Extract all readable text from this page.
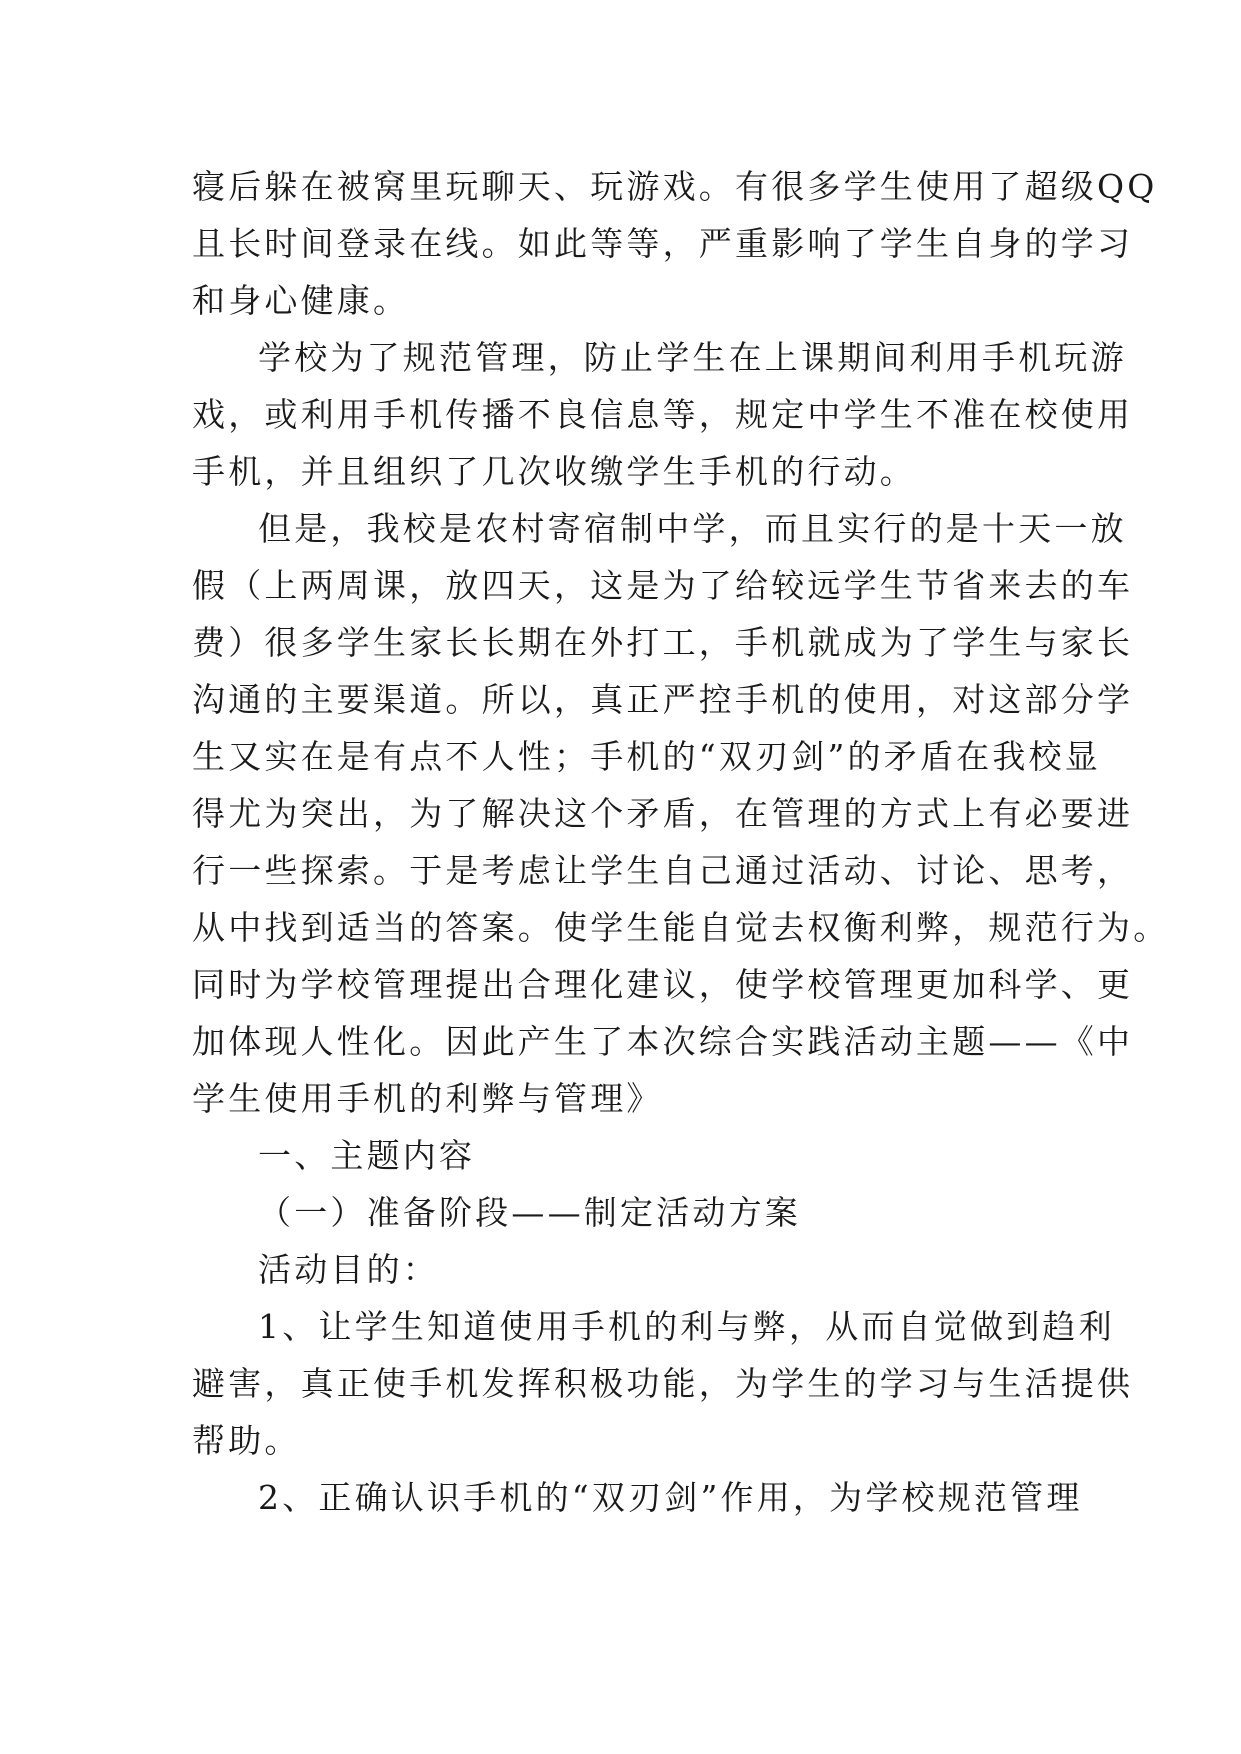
寝后躲在被窝里玩聊天、玩游戏。有很多学生使用了超级QQ
且长时间登录在线。如此等等，严重影响了学生自身的学习
和身心健康。
学校为了规范管理，防止学生在上课期间利用手机玩游
戏，或利用手机传播不良信息等，规定中学生不准在校使用
手机，并且组织了几次收缴学生手机的行动。
但是，我校是农村寄宿制中学，而且实行的是十天一放
假（上两周课，放四天，这是为了给较远学生节省来去的车
费）很多学生家长长期在外打工，手机就成为了学生与家长
沟通的主要渠道。所以，真正严控手机的使用，对这部分学
生又实在是有点不人性；手机的“双刃剑”的矛盾在我校显
得尤为突出，为了解决这个矛盾，在管理的方式上有必要进
行一些探索。于是考虑让学生自己通过活动、讨论、思考，
从中找到适当的答案。使学生能自觉去权衡利弊，规范行为。
同时为学校管理提出合理化建议，使学校管理更加科学、更
加体现人性化。因此产生了本次综合实践活动主题——《中
学生使用手机的利弊与管理》
一、主题内容
（一）准备阶段——制定活动方案
活动目的：
1、让学生知道使用手机的利与弊，从而自觉做到趋利
避害，真正使手机发挥积极功能，为学生的学习与生活提供
帮助。
2、正确认识手机的“双刃剑”作用，为学校规范管理
